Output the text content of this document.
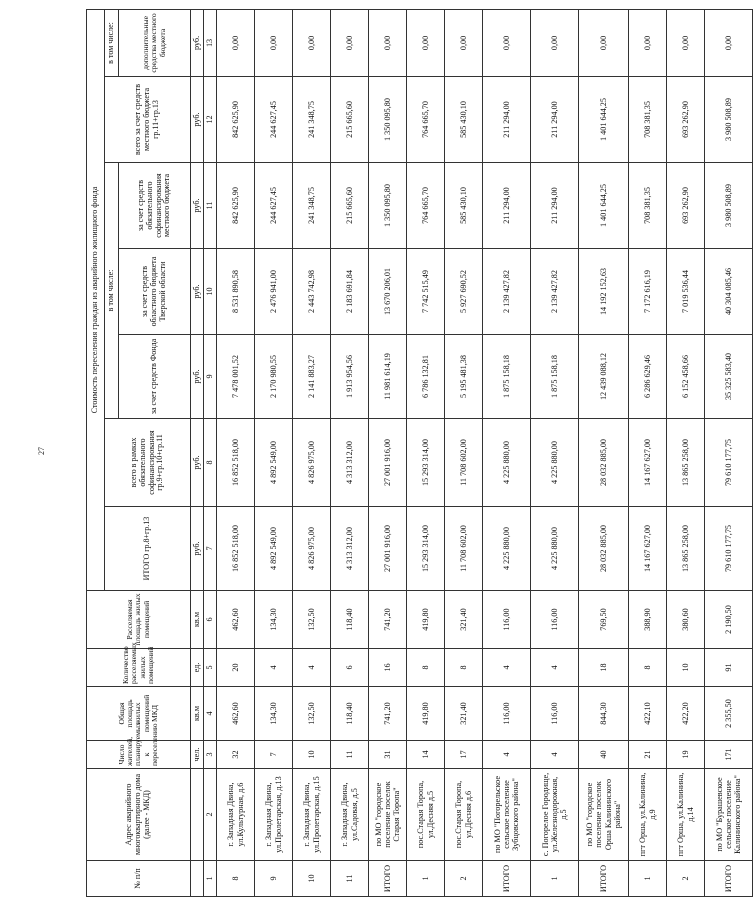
27
№ п/п	Адрес аварийного многоквартирного дома (далее - МКД)	Число жителей, планируемых к переселению	Общая площадь жилых помещений МКД	Количество расселяемых жилых помещений	Расселяемая площадь жилых помещений	Стоимость переселения граждан из аварийного жилищного фонда						
						ИТОГО гр.8+гр.13	всего в рамках обязательного софинансирования гр.9+гр.10+гр.11	в том числе:			всего за счет средств местного бюджета гр.11+гр.13	в том числе:
								за счет средств Фонда	за счет средств областного бюджета Тверской области	за счет средств обязательного софинансирования местного бюджета		дополнительные средства местного бюджета
		чел.	кв.м	ед.	кв.м	руб.	руб.	руб.	руб.	руб.	руб.	руб.
1	2	3	4	5	6	7	8	9	10	11	12	13
8	г. Западная Двина, ул.Культурная, д.6	32	462,60	20	462,60	16 852 518,00	16 852 518,00	7 478 001,52	8 531 890,58	842 625,90	842 625,90	0,00
9	г. Западная Двина, ул.Пролетарская, д.13	7	134,30	4	134,30	4 892 549,00	4 892 549,00	2 170 980,55	2 476 941,00	244 627,45	244 627,45	0,00
10	г. Западная Двина, ул.Пролетарская, д.15	10	132,50	4	132,50	4 826 975,00	4 826 975,00	2 141 883,27	2 443 742,98	241 348,75	241 348,75	0,00
11	г. Западная Двина, ул.Садовая, д.5	11	118,40	6	118,40	4 313 312,00	4 313 312,00	1 913 954,56	2 183 691,84	215 665,60	215 665,60	0,00
ИТОГО	по МО "городское поселение поселок Старая Торопа"	31	741,20	16	741,20	27 001 916,00	27 001 916,00	11 981 614,19	13 670 206,01	1 350 095,80	1 350 095,80	0,00
1	пос.Старая Торопа, ул.Десняя д.5	14	419,80	8	419,80	15 293 314,00	15 293 314,00	6 786 132,81	7 742 515,49	764 665,70	764 665,70	0,00
2	пос.Старая Торопа, ул.Десняя д.6	17	321,40	8	321,40	11 708 602,00	11 708 602,00	5 195 481,38	5 927 690,52	585 430,10	585 430,10	0,00
ИТОГО	по МО "Погорельское сельское поселение Зубцовского района"	4	116,00	4	116,00	4 225 880,00	4 225 880,00	1 875 158,18	2 139 427,82	211 294,00	211 294,00	0,00
1	с. Погорелое Городище, ул.Железнодорожная, д.5	4	116,00	4	116,00	4 225 880,00	4 225 880,00	1 875 158,18	2 139 427,82	211 294,00	211 294,00	0,00
ИТОГО	по МО "городское поселение поселок Орша Калининского района"	40	844,30	18	769,50	28 032 885,00	28 032 885,00	12 439 088,12	14 192 152,63	1 401 644,25	1 401 644,25	0,00
1	пгт Орша, ул.Калинина, д.9	21	422,10	8	388,90	14 167 627,00	14 167 627,00	6 286 629,46	7 172 616,19	708 381,35	708 381,35	0,00
2	пгт Орша, ул.Калинина, д.14	19	422,20	10	380,60	13 865 258,00	13 865 258,00	6 152 458,66	7 019 536,44	693 262,90	693 262,90	0,00
ИТОГО	по МО "Бурашевское сельское поселение Калининского района"	171	2 355,50	91	2 190,50	79 610 177,75	79 610 177,75	35 325 583,40	40 304 085,46	3 980 508,89	3 980 508,89	0,00
